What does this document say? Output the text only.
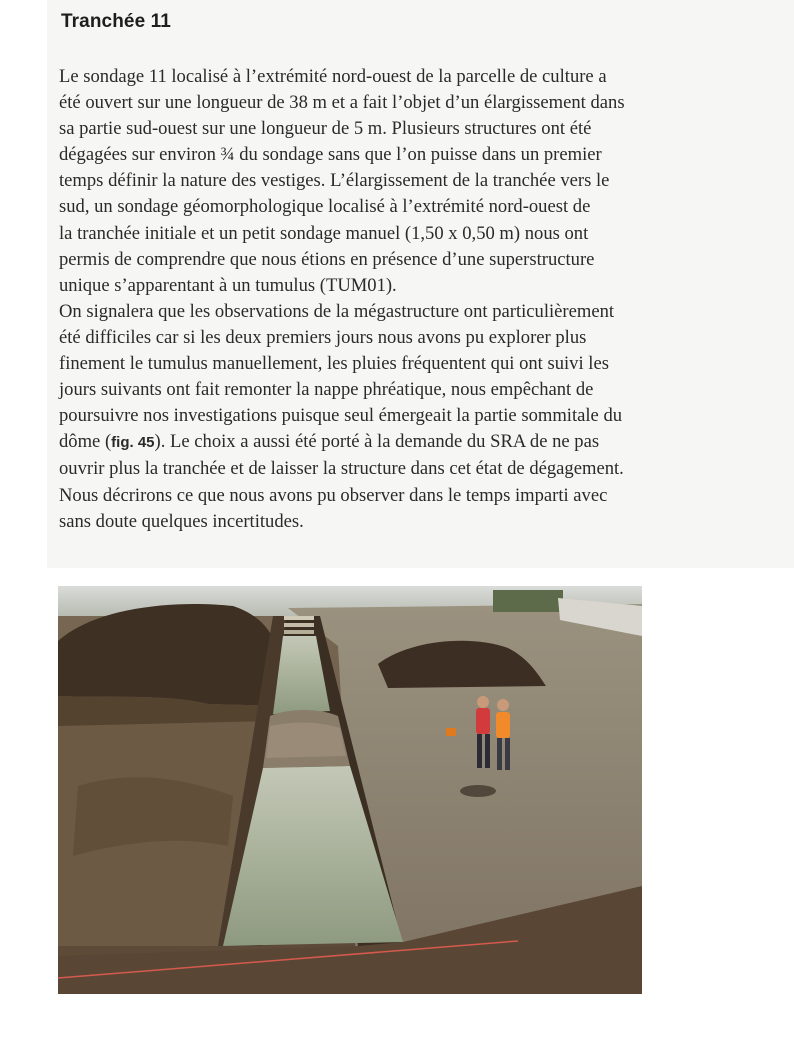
Tranchée 11

Le sondage 11 localisé à l’extrémité nord-ouest de la parcelle de culture a
été ouvert sur une longueur de 38 m et a fait l’objet d’un élargissement dans
sa partie sud-ouest sur une longueur de 5 m. Plusieurs structures ont été
dégagées sur environ ¾ du sondage sans que l’on puisse dans un premier
temps définir la nature des vestiges. L’élargissement de la tranchée vers le
sud, un sondage géomorphologique localisé à l’extrémité nord-ouest de
la tranchée initiale et un petit sondage manuel (1,50 x 0,50 m) nous ont
permis de comprendre que nous étions en présence d’une superstructure
unique s’apparentant à un tumulus (TUM01).

On signalera que les observations de la mégastructure ont particulièrement
été difficiles car si les deux premiers jours nous avons pu explorer plus
finement le tumulus manuellement, les pluies fréquentent qui ont suivi les
jours suivants ont fait remonter la nappe phréatique, nous empêchant de
poursuivre nos investigations puisque seul émergeait la partie sommitale du
dôme (fig. 45). Le choix a aussi été porté à la demande du SRA de ne pas
ouvrir plus la tranchée et de laisser la structure dans cet état de dégagement.
Nous décrirons ce que nous avons pu observer dans le temps imparti avec
sans doute quelques incertitudes.
